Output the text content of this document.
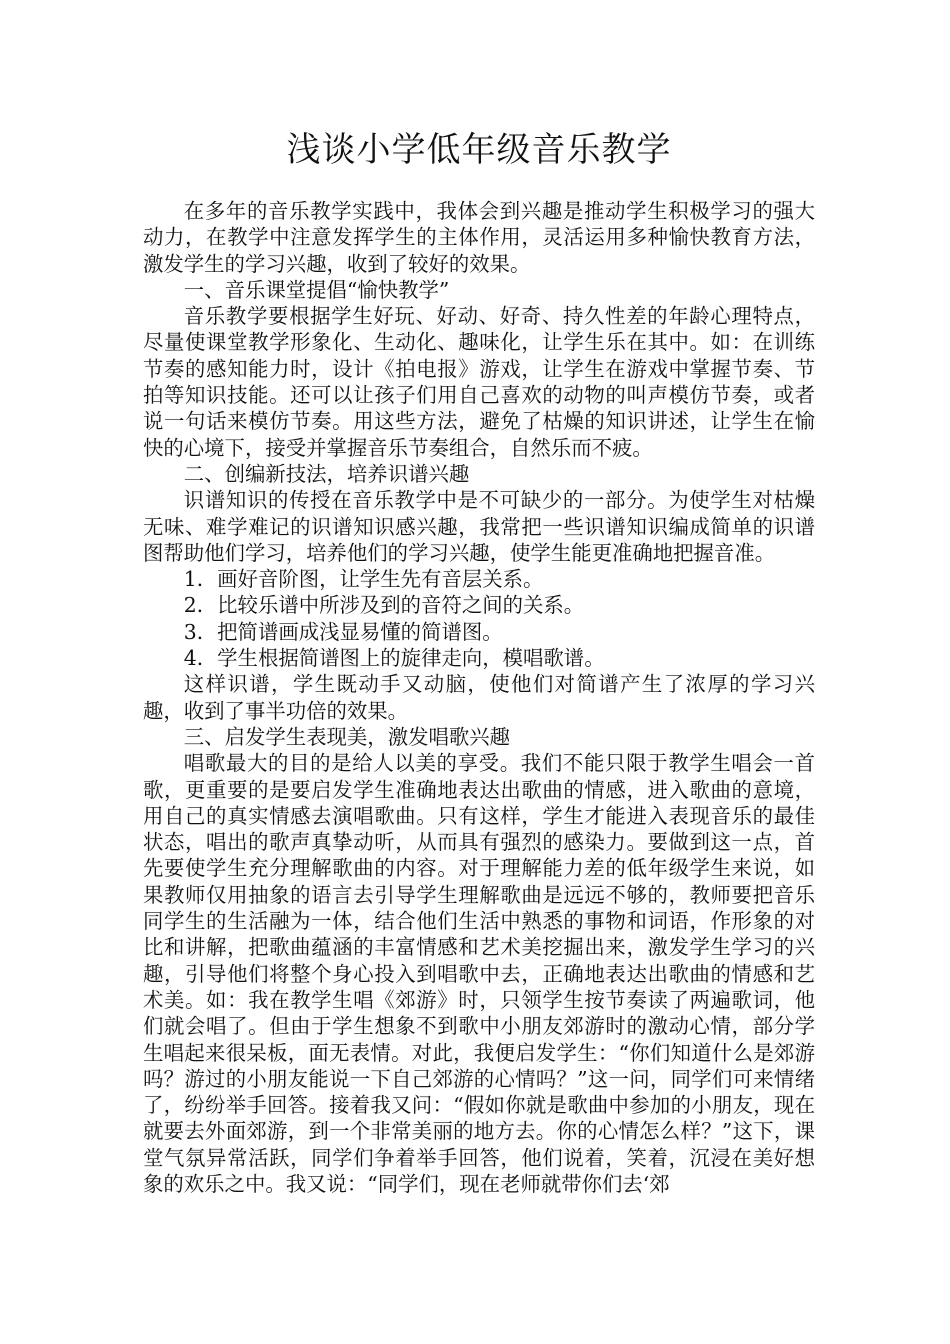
浅谈小学低年级音乐教学

在多年的音乐教学实践中，我体会到兴趣是推动学生积极学习的强大动力，在教学中注意发挥学生的主体作用，灵活运用多种愉快教育方法，激发学生的学习兴趣，收到了较好的效果。

一、音乐课堂提倡“愉快教学”

音乐教学要根据学生好玩、好动、好奇、持久性差的年龄心理特点，尽量使课堂教学形象化、生动化、趣味化，让学生乐在其中。如：在训练节奏的感知能力时，设计《拍电报》游戏，让学生在游戏中掌握节奏、节拍等知识技能。还可以让孩子们用自己喜欢的动物的叫声模仿节奏，或者说一句话来模仿节奏。用这些方法，避免了枯燥的知识讲述，让学生在愉快的心境下，接受并掌握音乐节奏组合，自然乐而不疲。

二、创编新技法，培养识谱兴趣

识谱知识的传授在音乐教学中是不可缺少的一部分。为使学生对枯燥无味、难学难记的识谱知识感兴趣，我常把一些识谱知识编成简单的识谱图帮助他们学习，培养他们的学习兴趣，使学生能更准确地把握音准。

1．画好音阶图，让学生先有音层关系。

2．比较乐谱中所涉及到的音符之间的关系。

3．把简谱画成浅显易懂的简谱图。

4．学生根据简谱图上的旋律走向，模唱歌谱。

这样识谱，学生既动手又动脑，使他们对简谱产生了浓厚的学习兴趣，收到了事半功倍的效果。

三、启发学生表现美，激发唱歌兴趣

唱歌最大的目的是给人以美的享受。我们不能只限于教学生唱会一首歌，更重要的是要启发学生准确地表达出歌曲的情感，进入歌曲的意境，用自己的真实情感去演唱歌曲。只有这样，学生才能进入表现音乐的最佳状态，唱出的歌声真挚动听，从而具有强烈的感染力。要做到这一点，首先要使学生充分理解歌曲的内容。对于理解能力差的低年级学生来说，如果教师仅用抽象的语言去引导学生理解歌曲是远远不够的，教师要把音乐同学生的生活融为一体，结合他们生活中熟悉的事物和词语，作形象的对比和讲解，把歌曲蕴涵的丰富情感和艺术美挖掘出来，激发学生学习的兴趣，引导他们将整个身心投入到唱歌中去，正确地表达出歌曲的情感和艺术美。如：我在教学生唱《郊游》时，只领学生按节奏读了两遍歌词，他们就会唱了。但由于学生想象不到歌中小朋友郊游时的激动心情，部分学生唱起来很呆板，面无表情。对此，我便启发学生：“你们知道什么是郊游吗？游过的小朋友能说一下自己郊游的心情吗？”这一问，同学们可来情绪了，纷纷举手回答。接着我又问：“假如你就是歌曲中参加的小朋友，现在就要去外面郊游，到一个非常美丽的地方去。你的心情怎么样？”这下，课堂气氛异常活跃，同学们争着举手回答，他们说着，笑着，沉浸在美好想象的欢乐之中。我又说：“同学们，现在老师就带你们去‘郊
